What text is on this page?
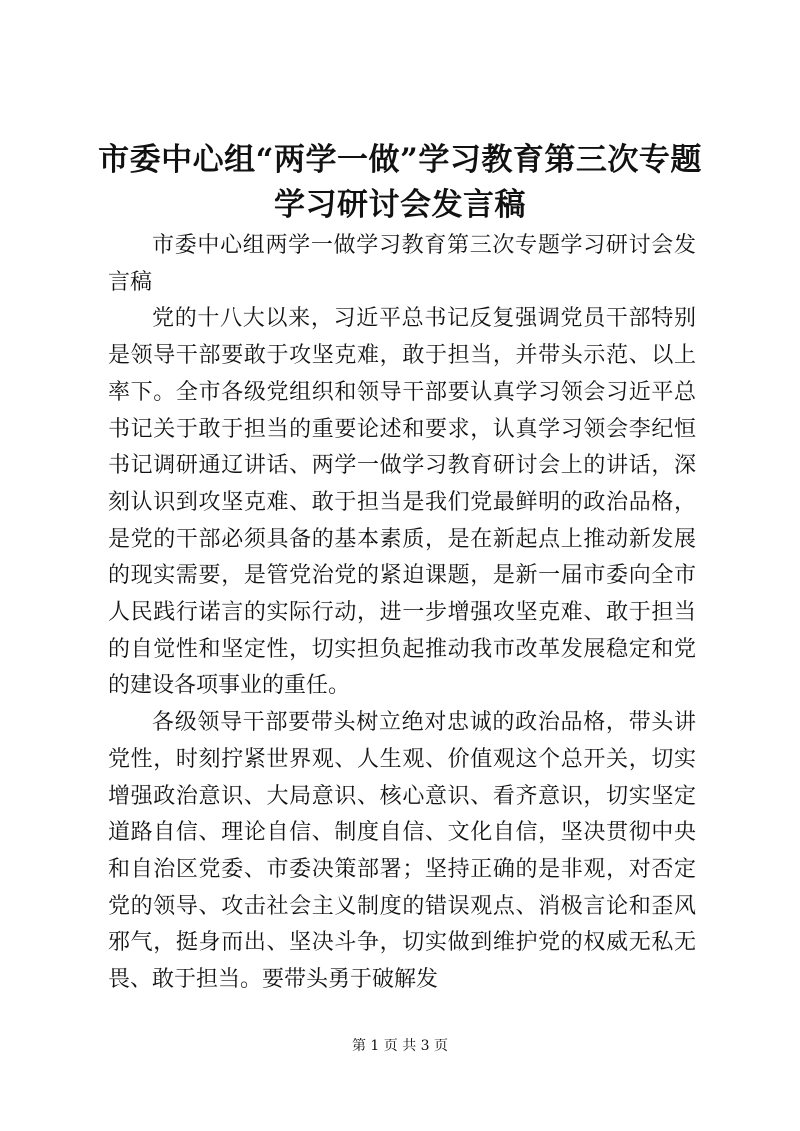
市委中心组“两学一做”学习教育第三次专题
学习研讨会发言稿

市委中心组两学一做学习教育第三次专题学习研讨会发言稿

党的十八大以来，习近平总书记反复强调党员干部特别是领导干部要敢于攻坚克难，敢于担当，并带头示范、以上率下。全市各级党组织和领导干部要认真学习领会习近平总书记关于敢于担当的重要论述和要求，认真学习领会李纪恒书记调研通辽讲话、两学一做学习教育研讨会上的讲话，深刻认识到攻坚克难、敢于担当是我们党最鲜明的政治品格，是党的干部必须具备的基本素质，是在新起点上推动新发展的现实需要，是管党治党的紧迫课题，是新一届市委向全市人民践行诺言的实际行动，进一步增强攻坚克难、敢于担当的自觉性和坚定性，切实担负起推动我市改革发展稳定和党的建设各项事业的重任。

各级领导干部要带头树立绝对忠诚的政治品格，带头讲党性，时刻拧紧世界观、人生观、价值观这个总开关，切实增强政治意识、大局意识、核心意识、看齐意识，切实坚定道路自信、理论自信、制度自信、文化自信，坚决贯彻中央和自治区党委、市委决策部署；坚持正确的是非观，对否定党的领导、攻击社会主义制度的错误观点、消极言论和歪风邪气，挺身而出、坚决斗争，切实做到维护党的权威无私无畏、敢于担当。要带头勇于破解发

第 1 页 共 3 页
